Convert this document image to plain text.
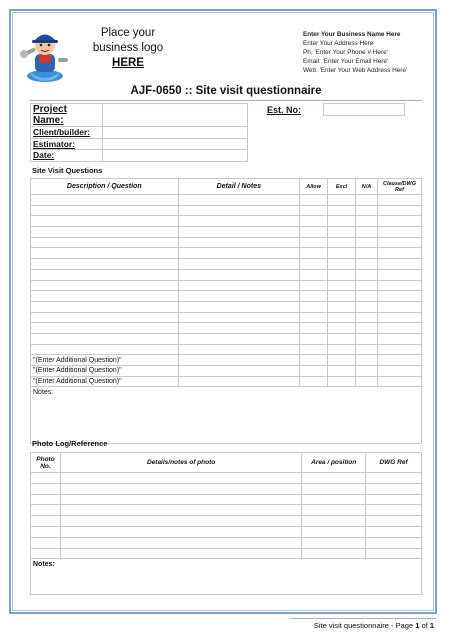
Place your
business logo
HERE
Enter Your Business Name Here
Enter Your Address Here
Ph. 'Enter Your Phone # Here'
Email: 'Enter Your Email Here'
Web: 'Enter Your Web Address Here'
AJF-0650 :: Site visit questionnaire
Project Name:	
Client/builder:	
Estimator:	
Date:	
Est. No:	
Site Visit Questions
Description / Question	Detail / Notes	Allow	Excl	N/A	Clause/DWG Ref

"(Enter Additional Question)"					
"(Enter Additional Question)"					
"(Enter Additional Question)"					
Notes:					
Photo Log/Reference
Photo No.	Details/notes of photo	Area / position	DWG Ref

Notes:			
Site visit questionnaire - Page 1 of 1
